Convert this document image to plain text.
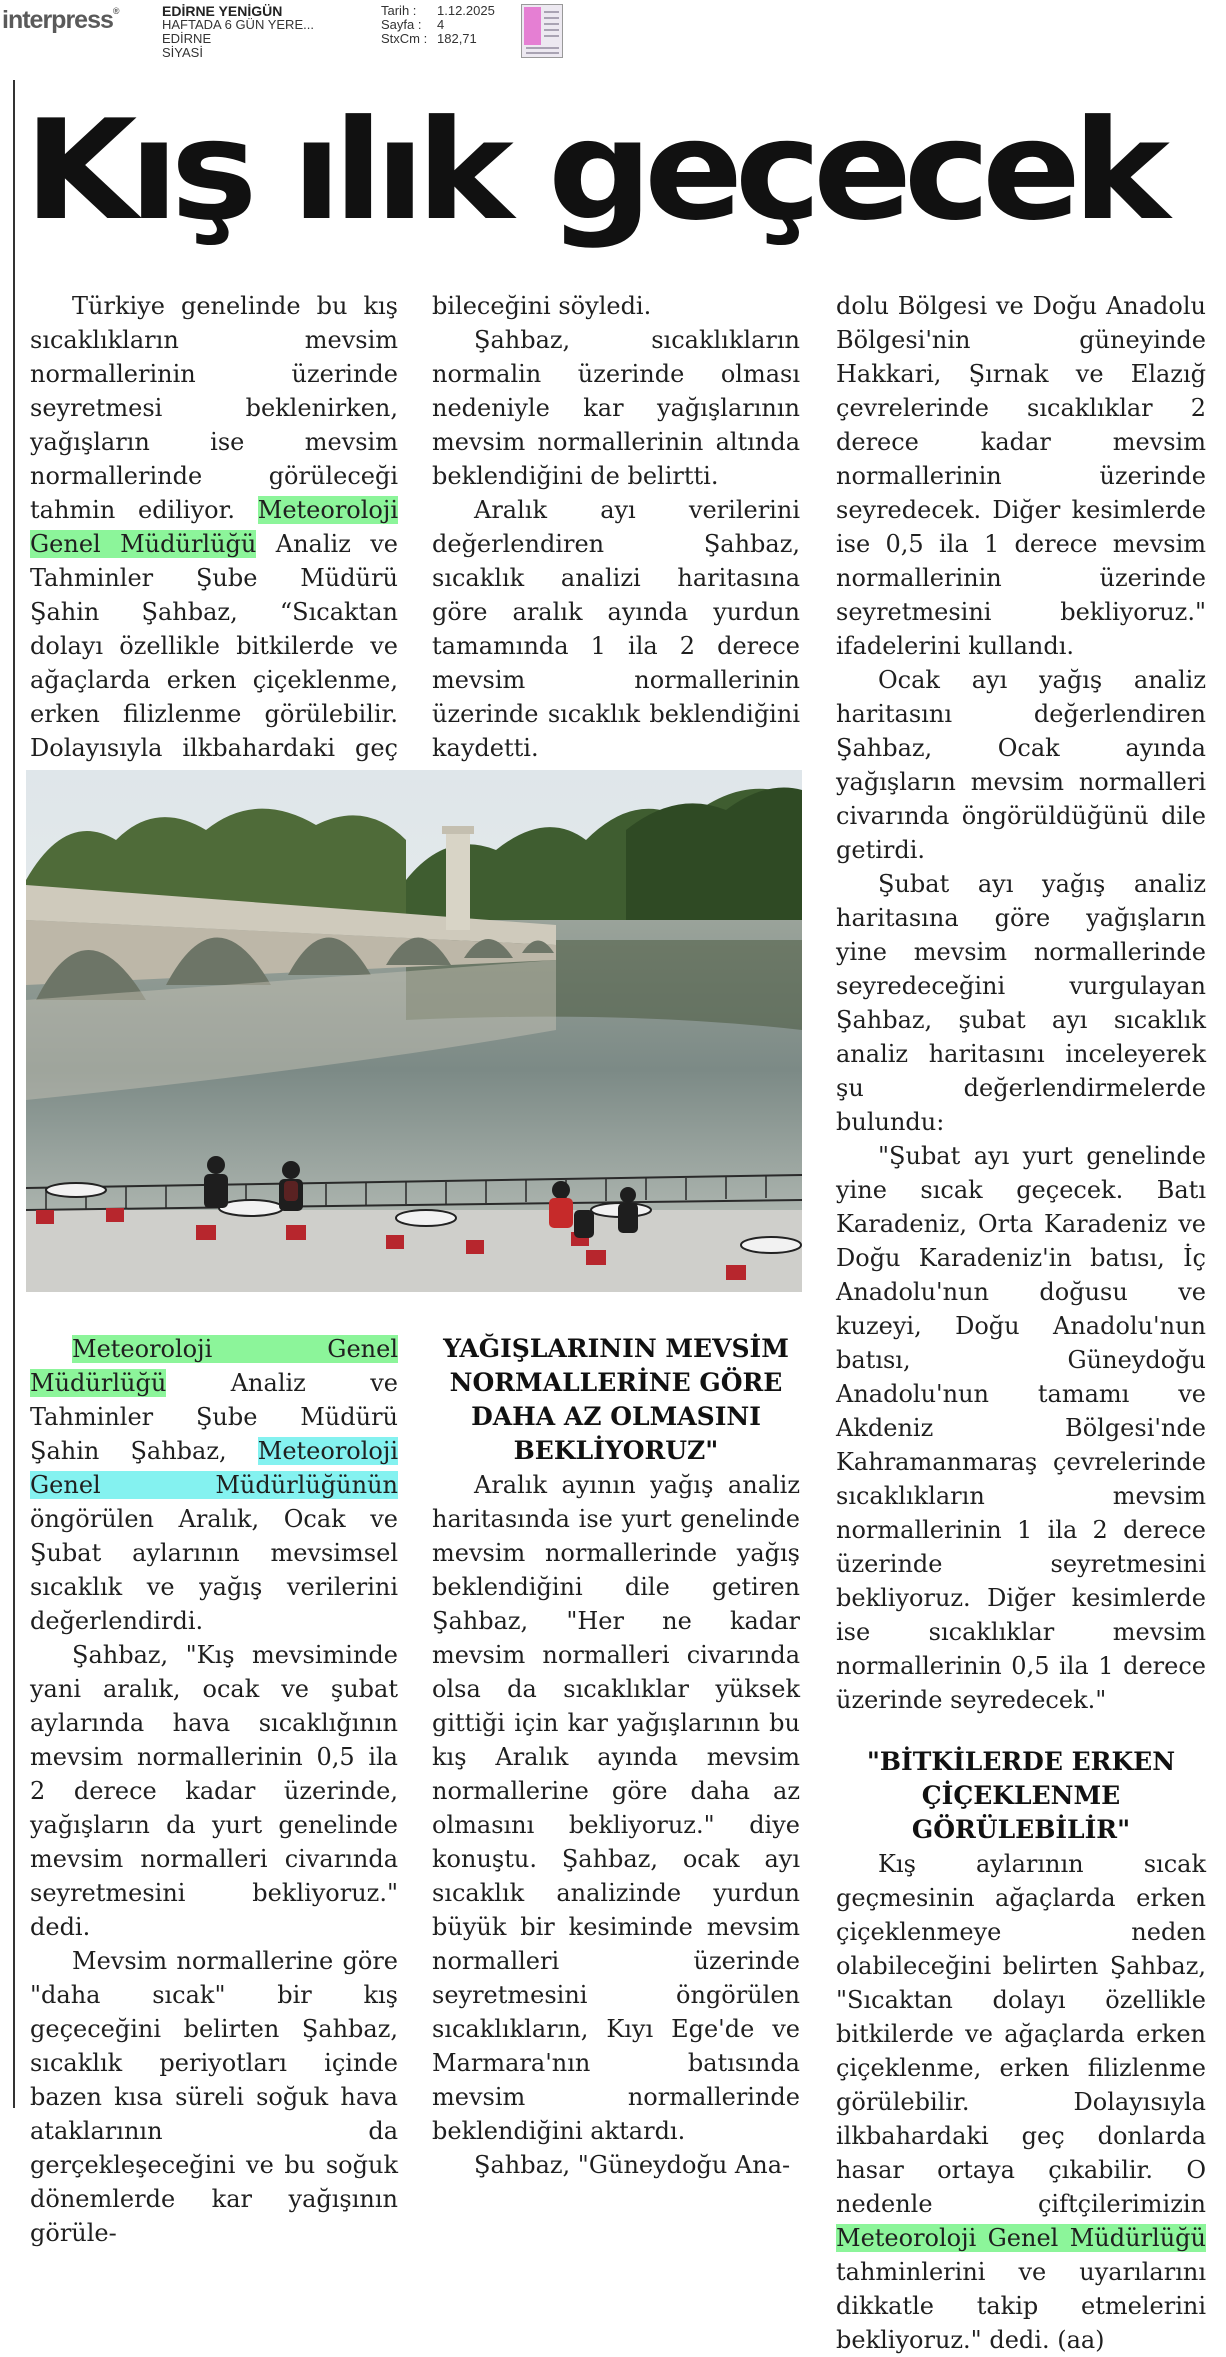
interpress®	EDİRNE YENİGÜN
HAFTADA 6 GÜN YERE...
EDİRNE
SİYASİ
Tarih :	1.12.2025
Sayfa :	4
StxCm : 182,71
Kış ılık geçecek

Türkiye genelinde bu kış sıcaklıkların mevsim normallerinin üzerinde seyretmesi beklenirken, yağışların ise mevsim normallerinde görüleceği tahmin ediliyor. Meteoroloji Genel Müdürlüğü Analiz ve Tahminler Şube Müdürü Şahin Şahbaz, “Sıcaktan dolayı özellikle bitkilerde ve ağaçlarda erken çiçeklenme, erken filizlenme görülebilir. Dolayısıyla ilkbahardaki geç

bileceğini söyledi.

Şahbaz, sıcaklıkların normalin üzerinde olması nedeniyle kar yağışlarının mevsim normallerinin altında beklendiğini de belirtti.

Aralık ayı verilerini değerlendiren Şahbaz, sıcaklık analizi haritasına göre aralık ayında yurdun tamamında 1 ila 2 derece mevsim normallerinin üzerinde sıcaklık beklendiğini kaydetti.

Meteoroloji Genel Müdürlüğü	Analiz ve Tahminler Şube Müdürü Şahin Şahbaz, Meteoroloji Genel Müdürlüğünün öngörülen Aralık, Ocak ve Şubat aylarının mevsimsel sıcaklık ve yağış verilerini değerlendirdi.

Şahbaz, "Kış mevsiminde yani aralık, ocak ve şubat aylarında hava sıcaklığının mevsim normallerinin 0,5 ila 2 derece kadar üzerinde, yağışların da yurt genelinde mevsim normalleri civarında seyretmesini bekliyoruz." dedi.

Mevsim normallerine göre "daha sıcak" bir kış geçeceğini belirten Şahbaz, sıcaklık periyotları içinde bazen kısa süreli soğuk hava ataklarının da gerçekleşeceğini ve bu soğuk dönemlerde kar yağışının görüle-

YAĞIŞLARININ MEVSİM NORMALLERİNE GÖRE DAHA AZ OLMASINI BEKLİYORUZ"

Aralık ayının yağış analiz haritasında ise yurt genelinde mevsim normallerinde yağış beklendiğini dile getiren Şahbaz, "Her ne kadar mevsim normalleri civarında olsa da sıcaklıklar yüksek gittiği için kar yağışlarının bu kış Aralık ayında mevsim normallerine göre daha az olmasını bekliyoruz." diye konuştu. Şahbaz, ocak ayı sıcaklık analizinde yurdun büyük bir kesiminde mevsim normalleri üzerinde seyretmesini öngörülen sıcaklıkların, Kıyı Ege'de ve Marmara'nın batısında mevsim normallerinde beklendiğini aktardı.

Şahbaz, "Güneydoğu Ana-

dolu Bölgesi ve Doğu Anadolu Bölgesi'nin güneyinde Hakkari, Şırnak ve Elazığ çevrelerinde sıcaklıklar 2 derece kadar mevsim normallerinin üzerinde seyredecek. Diğer kesimlerde ise 0,5 ila 1 derece mevsim normallerinin üzerinde seyretmesini bekliyoruz." ifadelerini kullandı.

Ocak ayı yağış analiz haritasını değerlendiren Şahbaz, Ocak ayında yağışların mevsim normalleri civarında öngörüldüğünü dile getirdi.

Şubat ayı yağış analiz haritasına göre yağışların yine mevsim normallerinde seyredeceğini vurgulayan Şahbaz, şubat ayı sıcaklık analiz haritasını inceleyerek şu değerlendirmelerde bulundu:

"Şubat ayı yurt genelinde yine sıcak geçecek. Batı Karadeniz, Orta Karadeniz ve Doğu Karadeniz'in batısı, İç Anadolu'nun doğusu ve kuzeyi, Doğu Anadolu'nun batısı, Güneydoğu Anadolu'nun tamamı ve Akdeniz Bölgesi'nde Kahramanmaraş çevrelerinde sıcaklıkların mevsim normallerinin 1 ila 2 derece üzerinde seyretmesini bekliyoruz. Diğer kesimlerde ise sıcaklıklar mevsim normallerinin 0,5 ila 1 derece üzerinde seyredecek."

"BİTKİLERDE ERKEN ÇİÇEKLENME GÖRÜLEBİLİR"

Kış aylarının sıcak geçmesinin ağaçlarda erken çiçeklenmeye neden olabileceğini belirten Şahbaz, "Sıcaktan dolayı özellikle bitkilerde ve ağaçlarda erken çiçeklenme, erken filizlenme görülebilir. Dolayısıyla ilkbahardaki geç donlarda hasar ortaya çıkabilir. O nedenle çiftçilerimizin Meteoroloji Genel Müdürlüğü tahminlerini ve uyarılarını dikkatle takip etmelerini bekliyoruz." dedi. (aa)
